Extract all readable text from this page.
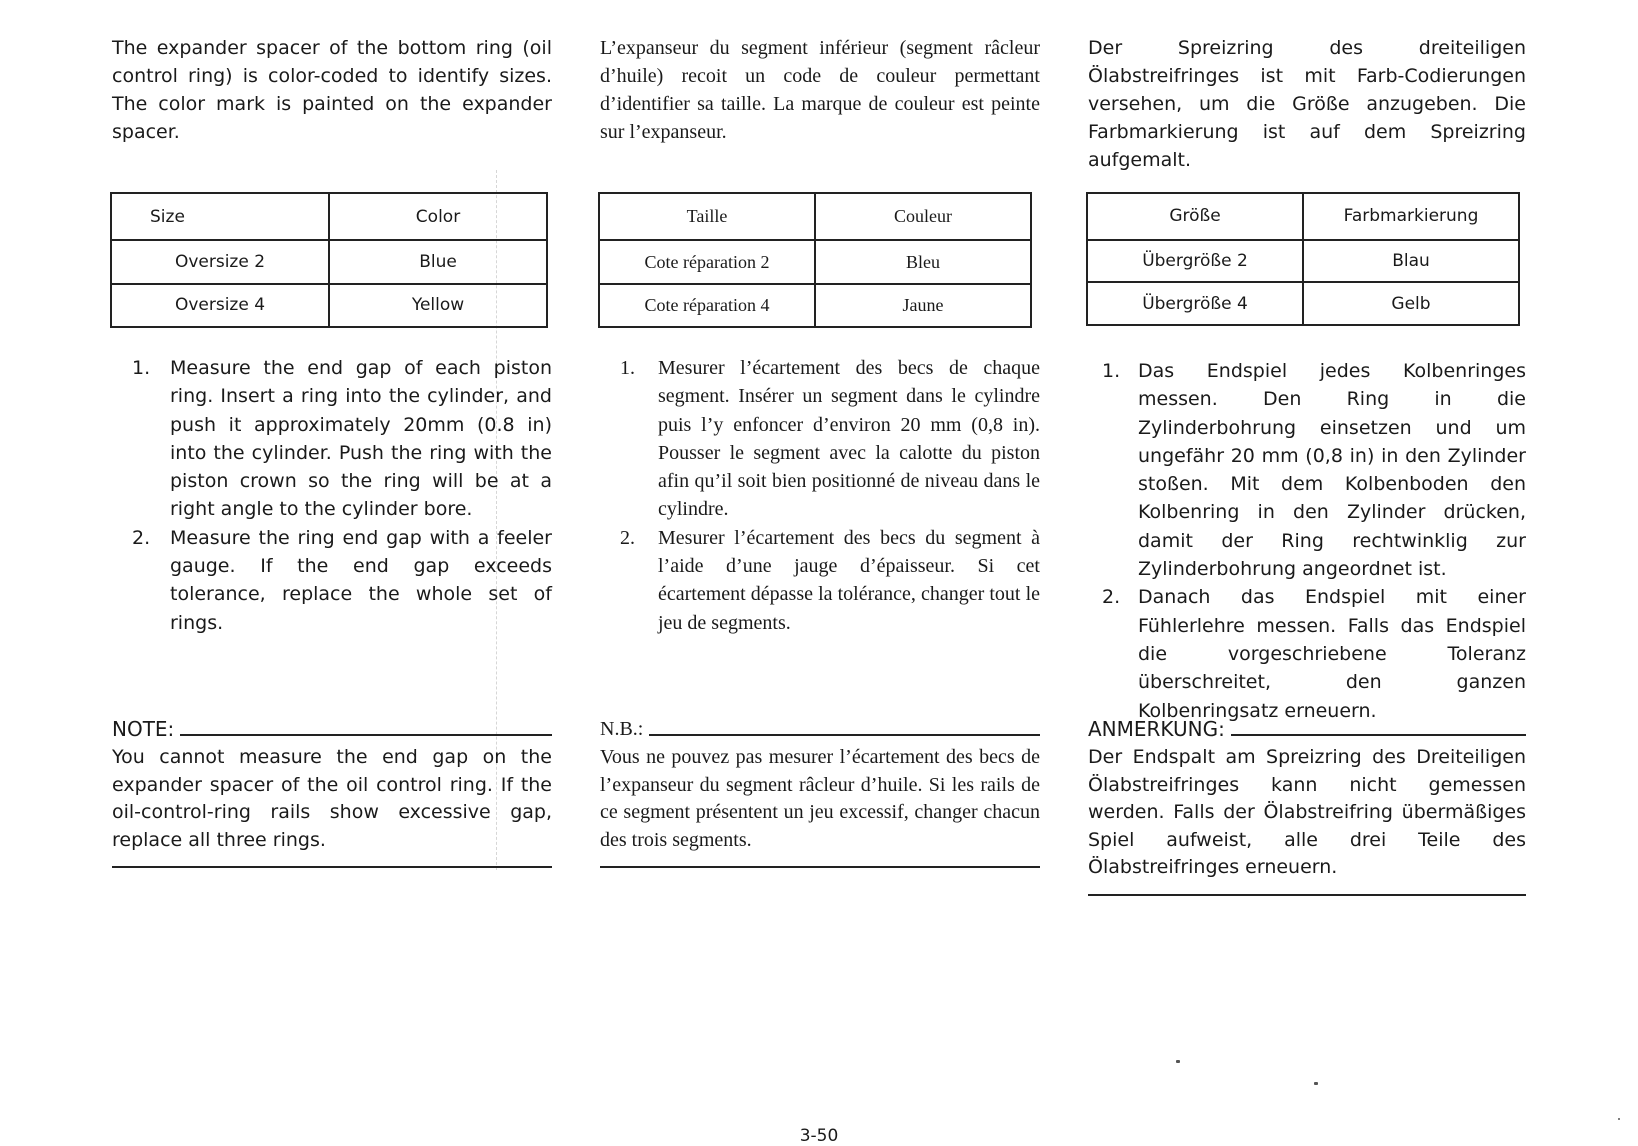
The expander spacer of the bottom ring (oil control ring) is color-coded to identify sizes. The color mark is painted on the expander spacer.

Size	Color
Oversize 2	Blue
Oversize 4	Yellow
1. Measure the end gap of each piston ring. Insert a ring into the cylinder, and push it approximately 20mm (0.8 in) into the cylinder. Push the ring with the piston crown so the ring will be at a right angle to the cylinder bore.
2. Measure the ring end gap with a feeler gauge. If the end gap exceeds tolerance, replace the whole set of rings.
NOTE:

You cannot measure the end gap on the expander spacer of the oil control ring. If the oil-control-ring rails show excessive gap, replace all three rings.

L’expanseur du segment inférieur (segment râcleur d’huile) recoit un code de couleur permettant d’identifier sa taille. La marque de couleur est peinte sur l’expanseur.

Taille	Couleur
Cote réparation 2	Bleu
Cote réparation 4	Jaune
1. Mesurer l’écartement des becs de chaque segment. Insérer un segment dans le cylindre puis l’y enfoncer d’environ 20 mm (0,8 in). Pousser le segment avec la calotte du piston afin qu’il soit bien positionné de niveau dans le cylindre.
2. Mesurer l’écartement des becs du segment à l’aide d’une jauge d’épaisseur. Si cet écartement dépasse la tolérance, changer tout le jeu de segments.
N.B.:

Vous ne pouvez pas mesurer l’écartement des becs de l’expanseur du segment râcleur d’huile. Si les rails de ce segment présentent un jeu excessif, changer chacun des trois segments.

Der Spreizring des dreiteiligen Ölabstreifringes ist mit Farb-Codierungen versehen, um die Größe anzugeben. Die Farbmarkierung ist auf dem Spreizring aufgemalt.

Größe	Farbmarkierung
Übergröße 2	Blau
Übergröße 4	Gelb
1. Das Endspiel jedes Kolbenringes messen. Den Ring in die Zylinderbohrung einsetzen und um ungefähr 20 mm (0,8 in) in den Zylinder stoßen. Mit dem Kolbenboden den Kolbenring in den Zylinder drücken, damit der Ring rechtwinklig zur Zylinderbohrung angeordnet ist.
2. Danach das Endspiel mit einer Fühlerlehre messen. Falls das Endspiel die vorgeschriebene Toleranz überschreitet, den ganzen Kolbenringsatz erneuern.
ANMERKUNG:

Der Endspalt am Spreizring des Dreiteiligen Ölabstreifringes kann nicht gemessen werden. Falls der Ölabstreifring übermäßiges Spiel aufweist, alle drei Teile des Ölabstreifringes erneuern.

3-50
